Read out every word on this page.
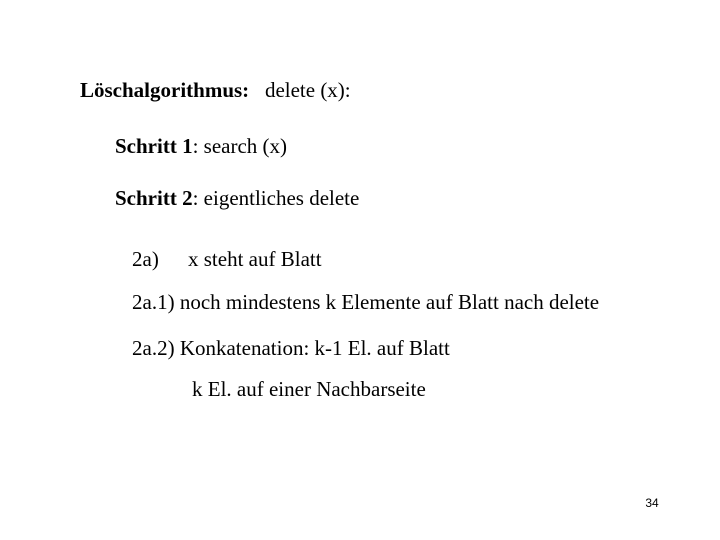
Löschalgorithmus: delete (x):
Schritt 1: search (x)
Schritt 2: eigentliches delete
2a) x steht auf Blatt
2a.1) noch mindestens k Elemente auf Blatt nach delete
2a.2) Konkatenation: k-1 El. auf Blatt
k El. auf einer Nachbarseite
34
